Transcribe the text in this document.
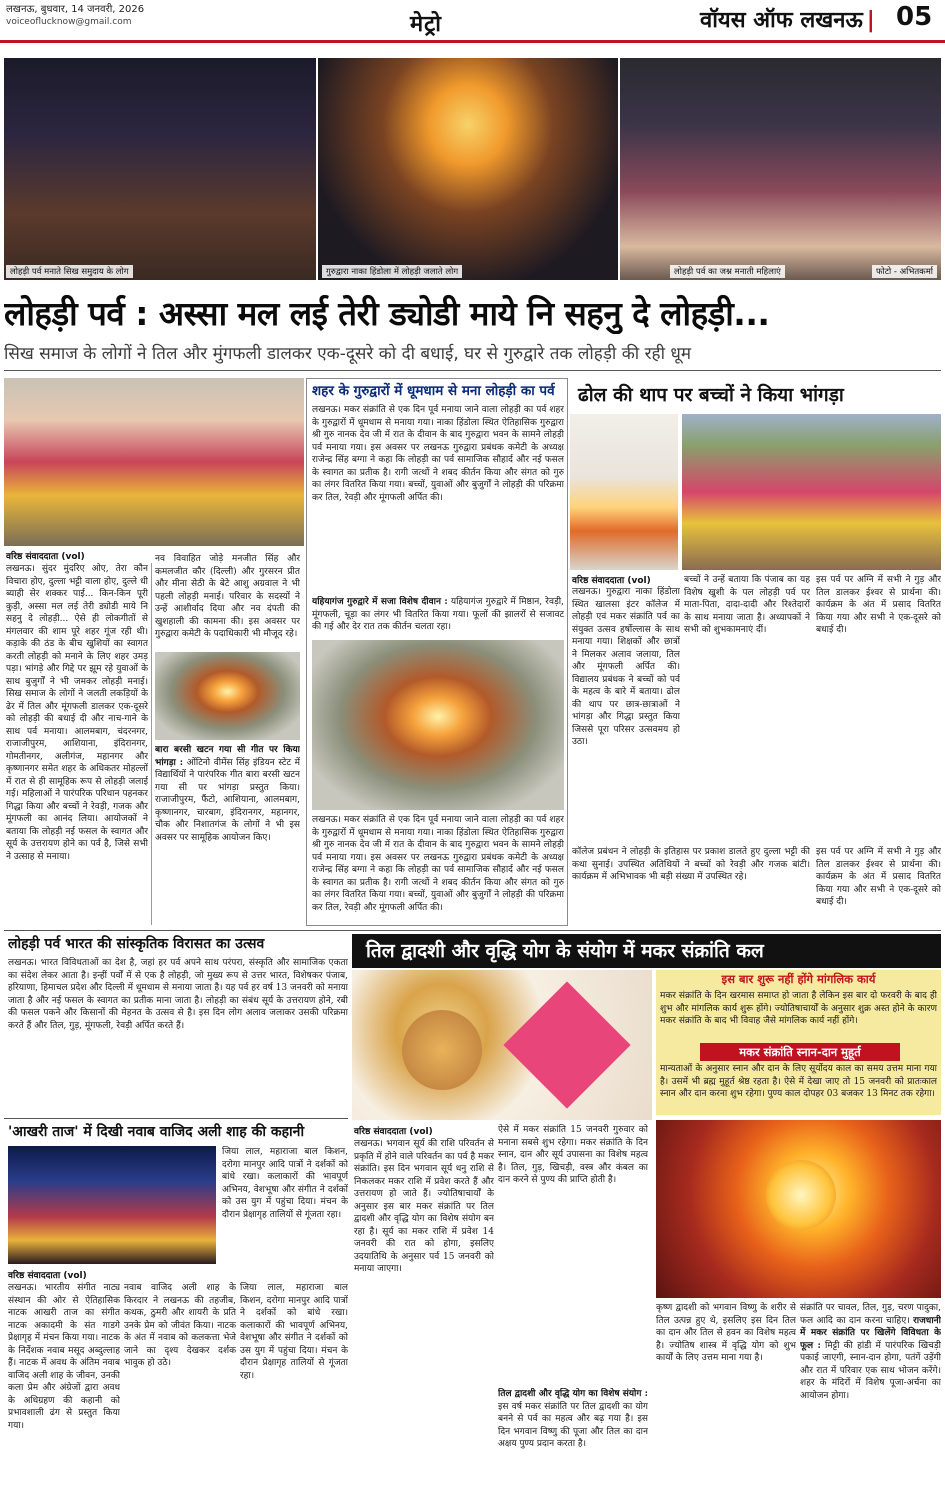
लखनऊ, बुधवार, 14 जनवरी, 2026
voiceoflucknow@gmail.com	मेट्रो	वॉयस ऑफ लखनऊ | 05
लोहड़ी पर्व मनाते सिख समुदाय के लोग	गुरुद्वारा नाका हिंडोला में लोहड़ी जलाते लोग	लोहड़ी पर्व का जश्न मनाती महिलाएं	फोटो - अभितकर्मा
लोहड़ी पर्व : अस्सा मल लई तेरी ड्योडी माये नि सहनु दे लोहड़ी...
सिख समाज के लोगों ने तिल और मुंगफली डालकर एक-दूसरे को दी बधाई, घर से गुरुद्वारे तक लोहड़ी की रही धूम
वरिष्ठ संवाददाता (vol)
लखनऊ। सुंदर मुंदरिए ओए, तेरा कौन विचारा होए, दुल्ला भट्टी वाला होए, दुल्ले धी ब्याही सेर शक्कर पाई... किन-किन पूरी कुड़ी, अस्सा मल लई तेरी ड्योडी माये नि सहनु दे लोहड़ी... ऐसे ही लोकगीतों से मंगलवार की शाम पूरे शहर गूंज रही थी। कड़ाके की ठंड के बीच खुशियों का स्वागत करती लोहड़ी को मनाने के लिए शहर उमड़ पड़ा। भांगड़े और गिद्दे पर झूम रहे युवाओं के साथ बुजुर्गों ने भी जमकर लोहड़ी मनाई। सिख समाज के लोगों ने जलती लकड़ियों के ढेर में तिल और मूंगफली डालकर एक-दूसरे को लोहड़ी की बधाई दी और नाच-गाने के साथ पर्व मनाया। आलमबाग, चंदरनगर, राजाजीपुरम, आशियाना, इंदिरानगर, गोमतीनगर, अलीगंज, महानगर और कृष्णानगर समेत शहर के अधिकतर मोहल्लों में रात से ही सामूहिक रूप से लोहड़ी जलाई गई। महिलाओं ने पारंपरिक परिधान पहनकर गिद्धा किया और बच्चों ने रेवड़ी, गजक और मूंगफली का आनंद लिया। आयोजकों ने बताया कि लोहड़ी नई फसल के स्वागत और सूर्य के उत्तरायण होने का पर्व है, जिसे सभी ने उत्साह से मनाया।
नव विवाहित जोड़े मनजीत सिंह और कमलजीत कौर (दिल्ली) और गुरसरन प्रीत और मीना सेठी के बेटे आशु अग्रवाल ने भी पहली लोहड़ी मनाई। परिवार के सदस्यों ने उन्हें आशीर्वाद दिया और नव दंपती की खुशहाली की कामना की। इस अवसर पर गुरुद्वारा कमेटी के पदाधिकारी भी मौजूद रहे।
बारा बरसी खटन गया सी गीत पर किया भांगड़ा : ओंटिनो वीमेंस सिंह इंडियन स्टेट में विद्यार्थियों ने पारंपरिक गीत बारा बरसी खटन गया सी पर भांगड़ा प्रस्तुत किया। राजाजीपुरम, फैंटो, आशियाना, आलमबाग, कृष्णानगर, चारबाग, इंदिरानगर, महानगर, चौक और निशातगंज के लोगों ने भी इस अवसर पर सामूहिक आयोजन किए।
शहर के गुरुद्वारों में धूमधाम से मना लोहड़ी का पर्व
लखनऊ। मकर संक्रांति से एक दिन पूर्व मनाया जाने वाला लोहड़ी का पर्व शहर के गुरुद्वारों में धूमधाम से मनाया गया। नाका हिंडोला स्थित ऐतिहासिक गुरुद्वारा श्री गुरु नानक देव जी में रात के दीवान के बाद गुरुद्वारा भवन के सामने लोहड़ी पर्व मनाया गया। इस अवसर पर लखनऊ गुरुद्वारा प्रबंधक कमेटी के अध्यक्ष राजेन्द्र सिंह बग्गा ने कहा कि लोहड़ी का पर्व सामाजिक सौहार्द और नई फसल के स्वागत का प्रतीक है। रागी जत्थों ने शबद कीर्तन किया और संगत को गुरु का लंगर वितरित किया गया। बच्चों, युवाओं और बुजुर्गों ने लोहड़ी की परिक्रमा कर तिल, रेवड़ी और मूंगफली अर्पित की।
यहियागंज गुरुद्वारे में सजा विशेष दीवान : यहियागंज गुरुद्वारे में मिष्ठान, रेवड़ी, मूंगफली, चूड़ा का लंगर भी वितरित किया गया। फूलों की झालरों से सजावट की गई और देर रात तक कीर्तन चलता रहा।
लखनऊ। मकर संक्रांति से एक दिन पूर्व मनाया जाने वाला लोहड़ी का पर्व शहर के गुरुद्वारों में धूमधाम से मनाया गया। नाका हिंडोला स्थित ऐतिहासिक गुरुद्वारा श्री गुरु नानक देव जी में रात के दीवान के बाद गुरुद्वारा भवन के सामने लोहड़ी पर्व मनाया गया। इस अवसर पर लखनऊ गुरुद्वारा प्रबंधक कमेटी के अध्यक्ष राजेन्द्र सिंह बग्गा ने कहा कि लोहड़ी का पर्व सामाजिक सौहार्द और नई फसल के स्वागत का प्रतीक है। रागी जत्थों ने शबद कीर्तन किया और संगत को गुरु का लंगर वितरित किया गया। बच्चों, युवाओं और बुजुर्गों ने लोहड़ी की परिक्रमा कर तिल, रेवड़ी और मूंगफली अर्पित की।
ढोल की थाप पर बच्चों ने किया भांगड़ा
वरिष्ठ संवाददाता (vol)
लखनऊ। गुरुद्वारा नाका हिंडोला स्थित खालसा इंटर कॉलेज में लोहड़ी एवं मकर संक्रांति पर्व का संयुक्त उत्सव हर्षोल्लास के साथ मनाया गया। शिक्षकों और छात्रों ने मिलकर अलाव जलाया, तिल और मूंगफली अर्पित की। विद्यालय प्रबंधक ने बच्चों को पर्व के महत्व के बारे में बताया। ढोल की थाप पर छात्र-छात्राओं ने भांगड़ा और गिद्धा प्रस्तुत किया जिससे पूरा परिसर उत्सवमय हो उठा।
बच्चों ने उन्हें बताया कि पंजाब का यह विशेष खुशी के पल लोहड़ी पर्व पर माता-पिता, दादा-दादी और रिश्तेदारों के साथ मनाया जाता है। अध्यापकों ने सभी को शुभकामनाएं दीं।
इस पर्व पर अग्नि में सभी ने गुड़ और तिल डालकर ईश्वर से प्रार्थना की। कार्यक्रम के अंत में प्रसाद वितरित किया गया और सभी ने एक-दूसरे को बधाई दी।
कॉलेज प्रबंधन ने लोहड़ी के इतिहास पर प्रकाश डालते हुए दुल्ला भट्टी की कथा सुनाई। उपस्थित अतिथियों ने बच्चों को रेवड़ी और गजक बांटी। कार्यक्रम में अभिभावक भी बड़ी संख्या में उपस्थित रहे।
इस पर्व पर अग्नि में सभी ने गुड़ और तिल डालकर ईश्वर से प्रार्थना की। कार्यक्रम के अंत में प्रसाद वितरित किया गया और सभी ने एक-दूसरे को बधाई दी।
लोहड़ी पर्व भारत की सांस्कृतिक विरासत का उत्सव
लखनऊ। भारत विविधताओं का देश है, जहां हर पर्व अपने साथ परंपरा, संस्कृति और सामाजिक एकता का संदेश लेकर आता है। इन्हीं पर्वों में से एक है लोहड़ी, जो मुख्य रूप से उत्तर भारत, विशेषकर पंजाब, हरियाणा, हिमाचल प्रदेश और दिल्ली में धूमधाम से मनाया जाता है। यह पर्व हर वर्ष 13 जनवरी को मनाया जाता है और नई फसल के स्वागत का प्रतीक माना जाता है। लोहड़ी का संबंध सूर्य के उत्तरायण होने, रबी की फसल पकने और किसानों की मेहनत के उत्सव से है। इस दिन लोग अलाव जलाकर उसकी परिक्रमा करते हैं और तिल, गुड़, मूंगफली, रेवड़ी अर्पित करते हैं।
तिल द्वादशी और वृद्धि योग के संयोग में मकर संक्रांति कल
इस बार शुरू नहीं होंगे मांगलिक कार्य
मकर संक्रांति के दिन खरमास समाप्त हो जाता है लेकिन इस बार दो फरवरी के बाद ही शुभ और मांगलिक कार्य शुरू होंगे। ज्योतिषाचार्यों के अनुसार शुक्र अस्त होने के कारण मकर संक्रांति के बाद भी विवाह जैसे मांगलिक कार्य नहीं होंगे।
मकर संक्रांति स्नान-दान मुहूर्त
मान्यताओं के अनुसार स्नान और दान के लिए सूर्योदय काल का समय उत्तम माना गया है। उसमें भी ब्रह्म मुहूर्त श्रेष्ठ रहता है। ऐसे में देखा जाए तो 15 जनवरी को प्रातःकाल स्नान और दान करना शुभ रहेगा। पुण्य काल दोपहर 03 बजकर 13 मिनट तक रहेगा।
'आखरी ताज' में दिखी नवाब वाजिद अली शाह की कहानी
वरिष्ठ संवाददाता (vol)
लखनऊ। भारतीय संगीत नाट्य संस्थान की ओर से ऐतिहासिक नाटक आखरी ताज का संगीत नाटक अकादमी के संत गाडगे प्रेक्षागृह में मंचन किया गया। नाटक के निर्देशक नवाब मसूद अब्दुल्लाह हैं। नाटक में अवध के अंतिम नवाब वाजिद अली शाह के जीवन, उनकी कला प्रेम और अंग्रेजों द्वारा अवध के अधिग्रहण की कहानी को प्रभावशाली ढंग से प्रस्तुत किया गया।
नवाब वाजिद अली शाह के किरदार ने लखनऊ की तहजीब, कथक, ठुमरी और शायरी के प्रति उनके प्रेम को जीवंत किया। नाटक के अंत में नवाब को कलकत्ता भेजे जाने का दृश्य देखकर दर्शक भावुक हो उठे।
जिया लाल, महाराजा बाल किशन, दरोगा मानपुर आदि पात्रों ने दर्शकों को बांधे रखा। कलाकारों की भावपूर्ण अभिनय, वेशभूषा और संगीत ने दर्शकों को उस युग में पहुंचा दिया। मंचन के दौरान प्रेक्षागृह तालियों से गूंजता रहा।
जिया लाल, महाराजा बाल किशन, दरोगा मानपुर आदि पात्रों ने दर्शकों को बांधे रखा। कलाकारों की भावपूर्ण अभिनय, वेशभूषा और संगीत ने दर्शकों को उस युग में पहुंचा दिया। मंचन के दौरान प्रेक्षागृह तालियों से गूंजता रहा।
वरिष्ठ संवाददाता (vol)
लखनऊ। भगवान सूर्य की राशि परिवर्तन से प्रकृति में होने वाले परिवर्तन का पर्व है मकर संक्रांति। इस दिन भगवान सूर्य धनु राशि से निकलकर मकर राशि में प्रवेश करते हैं और उत्तरायण हो जाते हैं। ज्योतिषाचार्यों के अनुसार इस बार मकर संक्रांति पर तिल द्वादशी और वृद्धि योग का विशेष संयोग बन रहा है। सूर्य का मकर राशि में प्रवेश 14 जनवरी की रात को होगा, इसलिए उदयातिथि के अनुसार पर्व 15 जनवरी को मनाया जाएगा।
ऐसे में मकर संक्रांति 15 जनवरी गुरुवार को मनाना सबसे शुभ रहेगा। मकर संक्रांति के दिन स्नान, दान और सूर्य उपासना का विशेष महत्व है। तिल, गुड़, खिचड़ी, वस्त्र और कंबल का दान करने से पुण्य की प्राप्ति होती है।
तिल द्वादशी और वृद्धि योग का विशेष संयोग : इस वर्ष मकर संक्रांति पर तिल द्वादशी का योग बनने से पर्व का महत्व और बढ़ गया है। इस दिन भगवान विष्णु की पूजा और तिल का दान अक्षय पुण्य प्रदान करता है।
कृष्ण द्वादशी को भगवान विष्णु के शरीर से तिल उत्पन्न हुए थे, इसलिए इस दिन तिल का दान और तिल से हवन का विशेष महत्व है। ज्योतिष शास्त्र में वृद्धि योग को शुभ कार्यों के लिए उत्तम माना गया है।
संक्रांति पर चावल, तिल, गुड़, चरण पादुका, फल आदि का दान करना चाहिए। राजधानी में मकर संक्रांति पर खिलेंगे विविधता के फूल : मिट्टी की हांडी में पारंपरिक खिचड़ी पकाई जाएगी, स्नान-दान होगा, पतंगें उड़ेंगी और रात में परिवार एक साथ भोजन करेंगे। शहर के मंदिरों में विशेष पूजा-अर्चना का आयोजन होगा।
